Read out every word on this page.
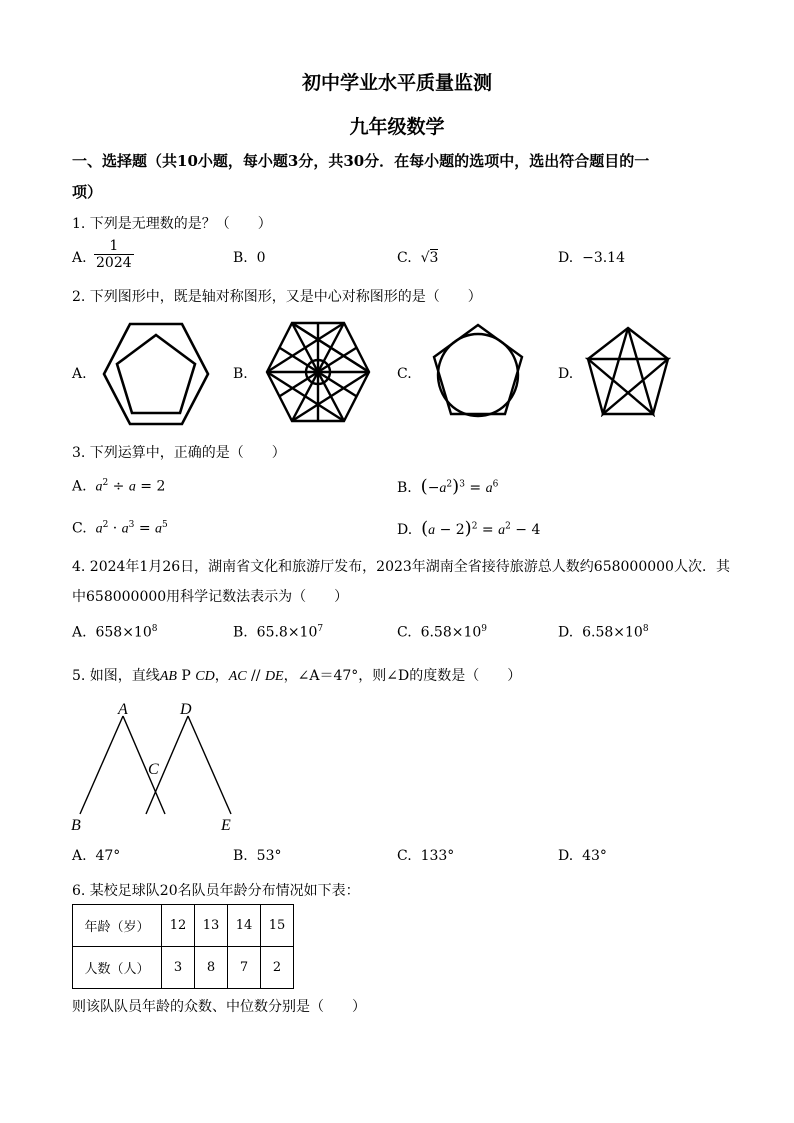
初中学业水平质量监测
九年级数学
一、选择题（共10小题，每小题3分，共30分．在每小题的选项中，选出符合题目的一
项）
1. 下列是无理数的是？（　　）
A. $\frac{1}{2024}$	B. 0	C. √3	D. −3.14
2. 下列图形中，既是轴对称图形，又是中心对称图形的是（　　）
A.	B.	C.	D.
3. 下列运算中，正确的是（　　）
A. $a^2 \div a = 2$	B. $(-a^2)^3 = a^6$
C. $a^2 \cdot a^3 = a^5$	D. $(a - 2)^2 = a^2 - 4$
4. 2024年1月26日，湖南省文化和旅游厅发布，2023年湖南全省接待旅游总人数约658000000人次．其
中658000000用科学记数法表示为（　　）
A. $658\times 10^8$	B. $65.8\times 10^7$	C. $6.58\times 10^9$	D. $6.58\times 10^8$
5. 如图，直线AB P CD，AC // DE，∠A＝47°，则∠D的度数是（　　）
A	D
C
B	E
A. 47°	B. 53°	C. 133°	D. 43°
6. 某校足球队20名队员年龄分布情况如下表：
年龄（岁）	12	13	14	15
人数（人）	3	8	7	2
则该队队员年龄的众数、中位数分别是（　　）
